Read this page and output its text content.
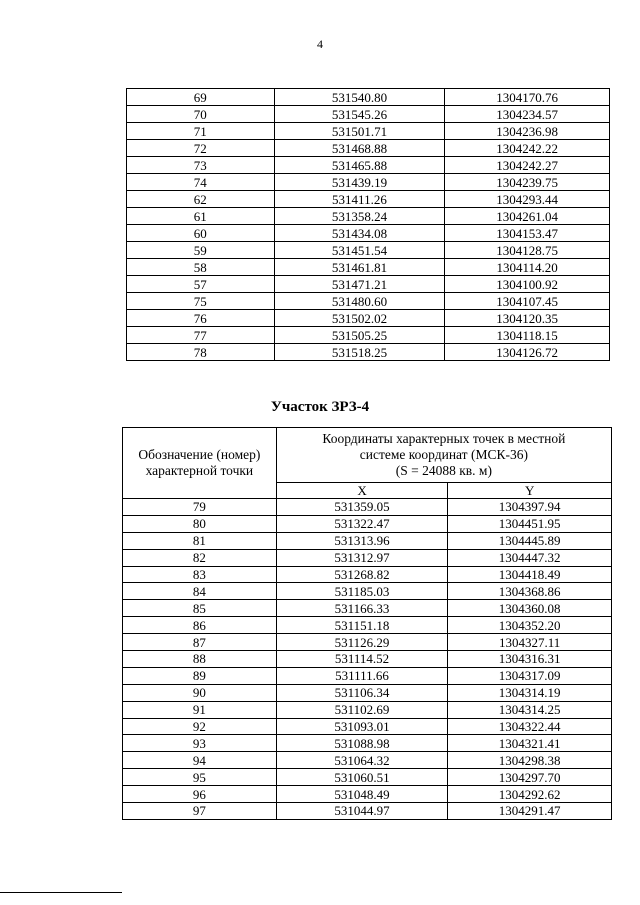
4
69	531540.80	1304170.76
70	531545.26	1304234.57
71	531501.71	1304236.98
72	531468.88	1304242.22
73	531465.88	1304242.27
74	531439.19	1304239.75
62	531411.26	1304293.44
61	531358.24	1304261.04
60	531434.08	1304153.47
59	531451.54	1304128.75
58	531461.81	1304114.20
57	531471.21	1304100.92
75	531480.60	1304107.45
76	531502.02	1304120.35
77	531505.25	1304118.15
78	531518.25	1304126.72
Участок ЗРЗ-4
Обозначение (номер) характерной точки	Координаты характерных точек в местной
системе координат (МСК-36)
(S = 24088 кв. м)	

	X	Y
79	531359.05	1304397.94
80	531322.47	1304451.95
81	531313.96	1304445.89
82	531312.97	1304447.32
83	531268.82	1304418.49
84	531185.03	1304368.86
85	531166.33	1304360.08
86	531151.18	1304352.20
87	531126.29	1304327.11
88	531114.52	1304316.31
89	531111.66	1304317.09
90	531106.34	1304314.19
91	531102.69	1304314.25
92	531093.01	1304322.44
93	531088.98	1304321.41
94	531064.32	1304298.38
95	531060.51	1304297.70
96	531048.49	1304292.62
97	531044.97	1304291.47
